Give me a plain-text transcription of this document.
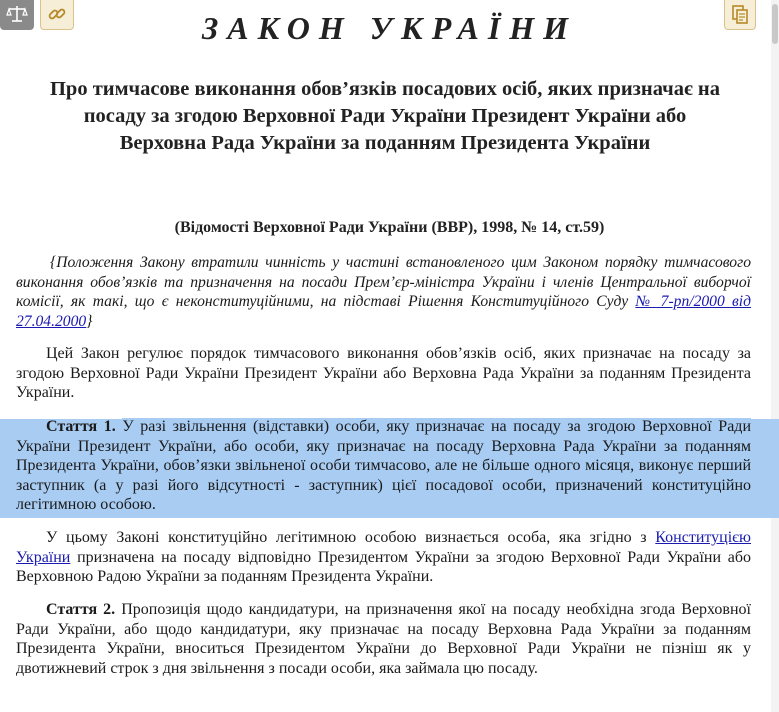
ЗАКОН УКРАЇНИ
Про тимчасове виконання обов’язків посадових осіб, яких призначає на посаду за згодою Верховної Ради України Президент України або Верховна Рада України за поданням Президента України
(Відомості Верховної Ради України (ВВР), 1998, № 14, ст.59)
{Положення Закону втратили чинність у частині встановленого цим Законом порядку тимчасового виконання обов’язків та призначення на посади Прем’єр-міністра України і членів Центральної виборчої комісії, як такі, що є неконституційними, на підставі Рішення Конституційного Суду № 7-рп/2000 від 27.04.2000}
Цей Закон регулює порядок тимчасового виконання обов’язків осіб, яких призначає на посаду за згодою Верховної Ради України Президент України або Верховна Рада України за поданням Президента України.
Стаття 1. У разі звільнення (відставки) особи, яку призначає на посаду за згодою Верховної Ради України Президент України, або особи, яку призначає на посаду Верховна Рада України за поданням Президента України, обов’язки звільненої особи тимчасово, але не більше одного місяця, виконує перший заступник (а у разі його відсутності - заступник) цієї посадової особи, призначений конституційно легітимною особою.
У цьому Законі конституційно легітимною особою визнається особа, яка згідно з Конституцією України призначена на посаду відповідно Президентом України за згодою Верховної Ради України або Верховною Радою України за поданням Президента України.
Стаття 2. Пропозиція щодо кандидатури, на призначення якої на посаду необхідна згода Верховної Ради України, або щодо кандидатури, яку призначає на посаду Верховна Рада України за поданням Президента України, вноситься Президентом України до Верховної Ради України не пізніш як у двотижневий строк з дня звільнення з посади особи, яка займала цю посаду.
